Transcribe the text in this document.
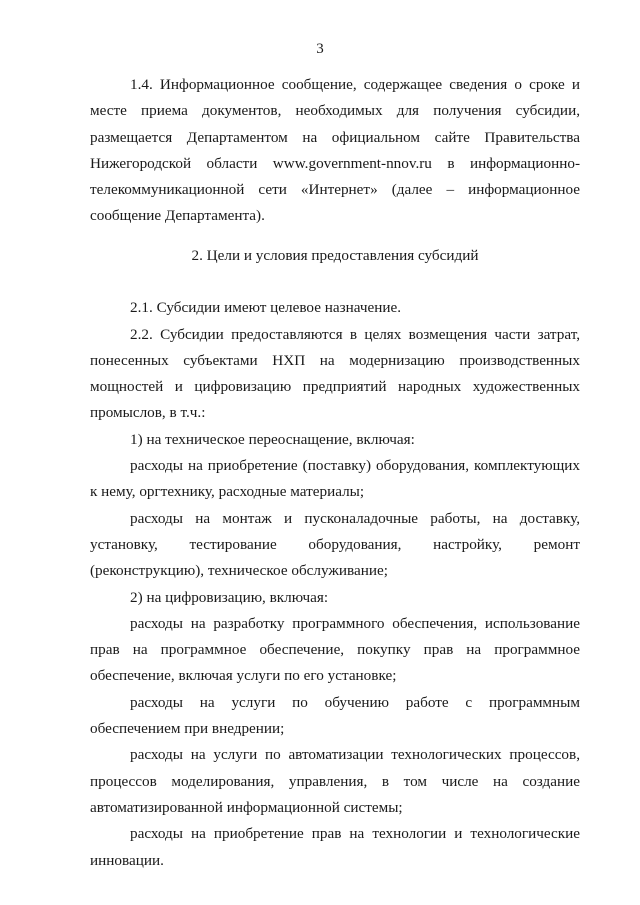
3

1.4. Информационное сообщение, содержащее сведения о сроке и месте приема документов, необходимых для получения субсидии, размещается Департаментом на официальном сайте Правительства Нижегородской области www.government-nnov.ru в информационно-телекоммуникационной сети «Интернет» (далее – информационное сообщение Департамента).

2. Цели и условия предоставления субсидий

2.1. Субсидии имеют целевое назначение.

2.2. Субсидии предоставляются в целях возмещения части затрат, понесенных субъектами НХП на модернизацию производственных мощностей и цифровизацию предприятий народных художественных промыслов, в т.ч.:

1) на техническое переоснащение, включая:

расходы на приобретение (поставку) оборудования, комплектующих к нему, оргтехнику, расходные материалы;

расходы на монтаж и пусконаладочные работы, на доставку, установку, тестирование оборудования, настройку, ремонт (реконструкцию), техническое обслуживание;

2) на цифровизацию, включая:

расходы на разработку программного обеспечения, использование прав на программное обеспечение, покупку прав на программное обеспечение, включая услуги по его установке;

расходы на услуги по обучению работе с программным обеспечением при внедрении;

расходы на услуги по автоматизации технологических процессов, процессов моделирования, управления, в том числе на создание автоматизированной информационной системы;

расходы на приобретение прав на технологии и технологические инновации.
